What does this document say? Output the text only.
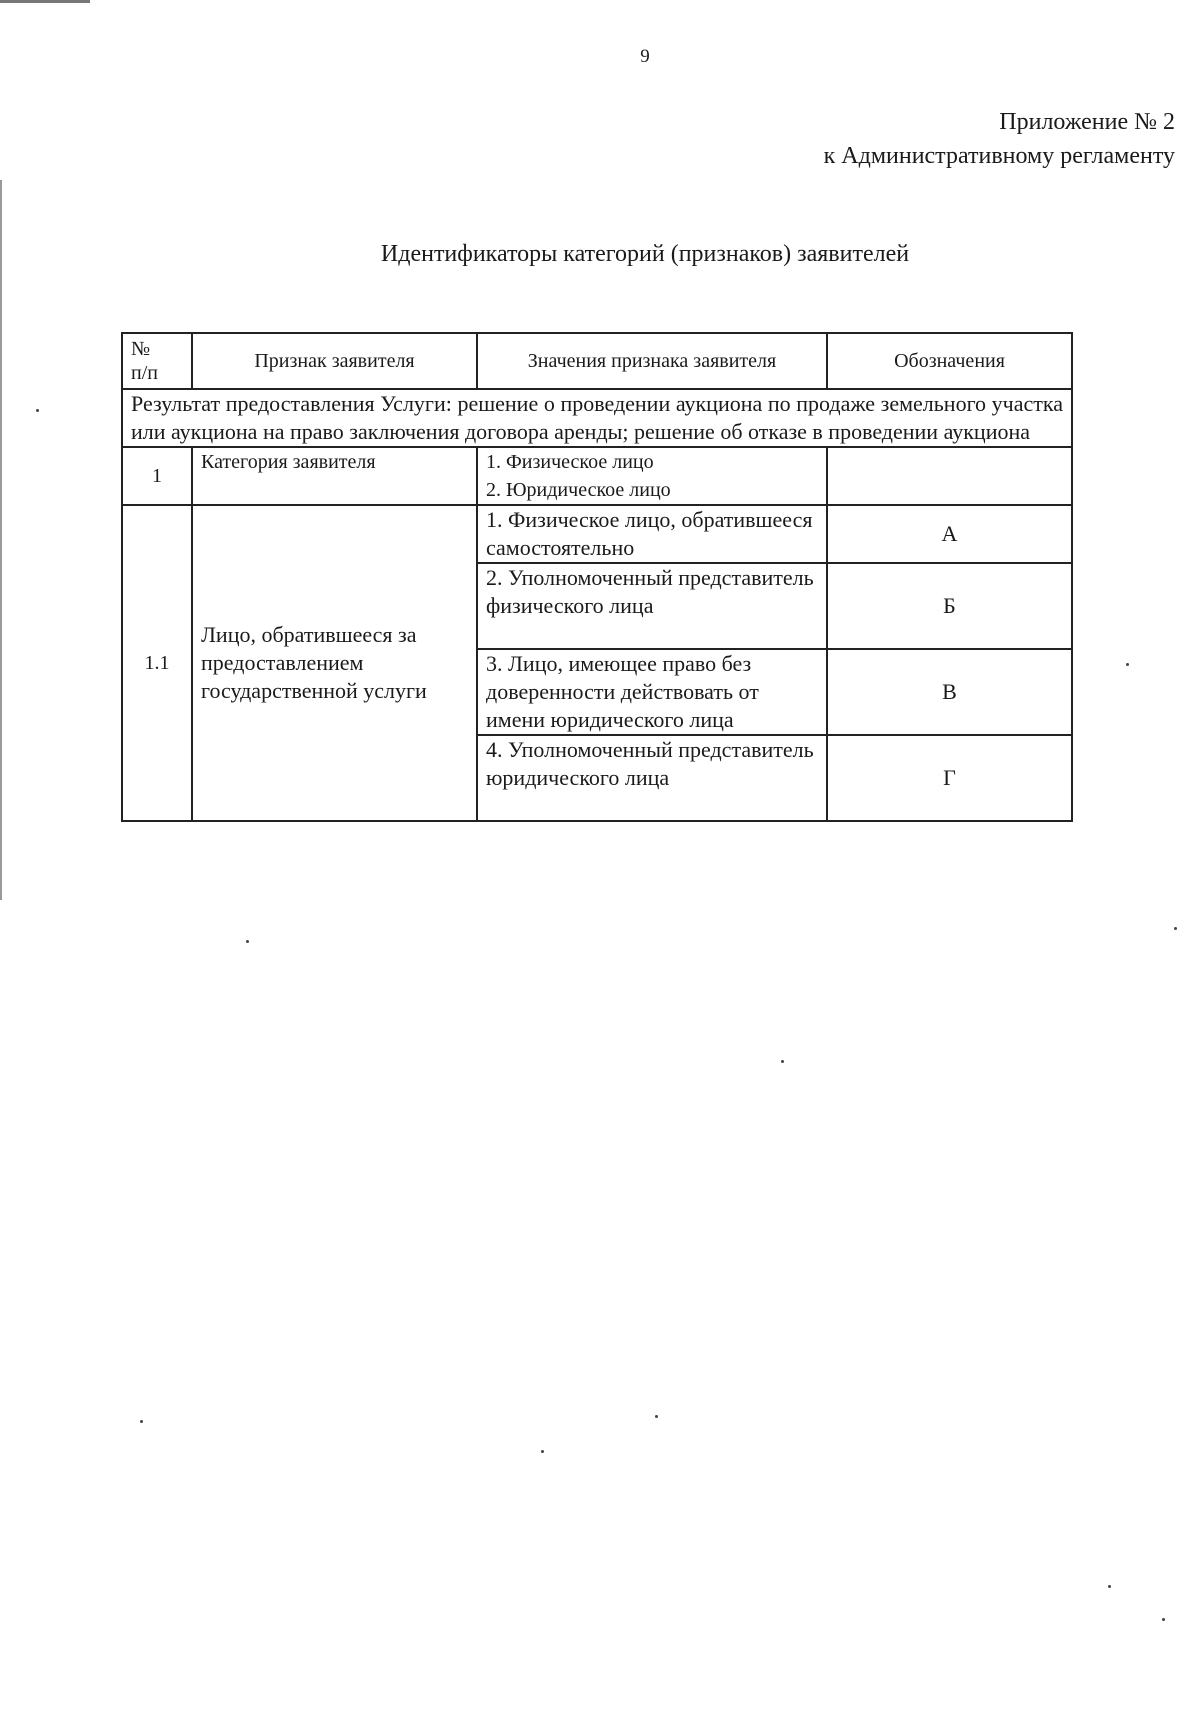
9
Приложение № 2
к Административному регламенту
Идентификаторы категорий (признаков) заявителей
№
п/п	Признак заявителя	Значения признака заявителя	Обозначения
Результат предоставления Услуги: решение о проведении аукциона по продаже земельного участка или аукциона на право заключения договора аренды; решение об отказе в проведении аукциона			
1	Категория заявителя	1. Физическое лицо
2. Юридическое лицо	

1.1	Лицо, обратившееся за предоставлением государственной услуги	1. Физическое лицо, обратившееся самостоятельно	А
		2. Уполномоченный представитель физического лица	Б
		3. Лицо, имеющее право без доверенности действовать от имени юридического лица	В
		4. Уполномоченный представитель юридического лица	Г
